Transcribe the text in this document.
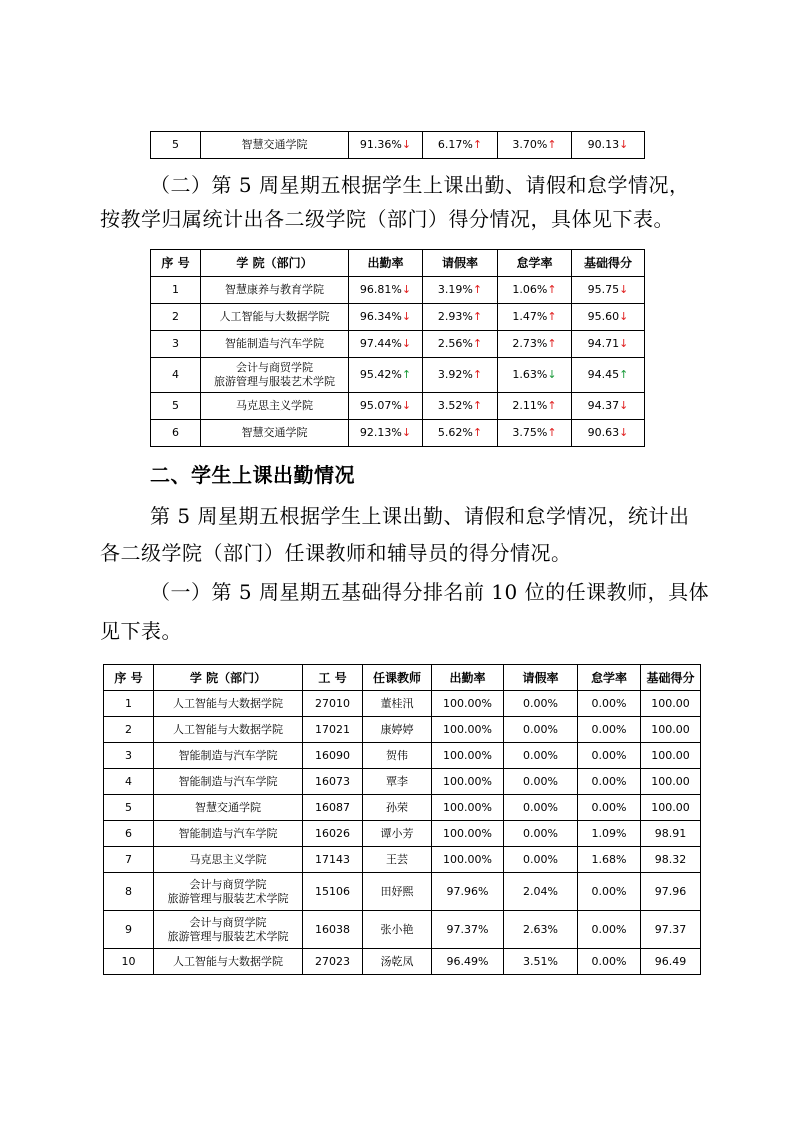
5	智慧交通学院	91.36%↓	6.17%↑	3.70%↑	90.13↓
（二）第 5 周星期五根据学生上课出勤、请假和怠学情况，
按教学归属统计出各二级学院（部门）得分情况，具体见下表。
序 号	学 院（部门）	出勤率	请假率	怠学率	基础得分
1	智慧康养与教育学院	96.81%↓	3.19%↑	1.06%↑	95.75↓
2	人工智能与大数据学院	96.34%↓	2.93%↑	1.47%↑	95.60↓
3	智能制造与汽车学院	97.44%↓	2.56%↑	2.73%↑	94.71↓
4	会计与商贸学院
旅游管理与服装艺术学院	95.42%↑	3.92%↑	1.63%↓	94.45↑
5	马克思主义学院	95.07%↓	3.52%↑	2.11%↑	94.37↓
6	智慧交通学院	92.13%↓	5.62%↑	3.75%↑	90.63↓
二、学生上课出勤情况
第 5 周星期五根据学生上课出勤、请假和怠学情况，统计出
各二级学院（部门）任课教师和辅导员的得分情况。
（一）第 5 周星期五基础得分排名前 10 位的任课教师，具体
见下表。
序 号	学 院（部门）	工 号	任课教师	出勤率	请假率	怠学率	基础得分
1	人工智能与大数据学院	27010	董桂汛	100.00%	0.00%	0.00%	100.00
2	人工智能与大数据学院	17021	康婷婷	100.00%	0.00%	0.00%	100.00
3	智能制造与汽车学院	16090	贺伟	100.00%	0.00%	0.00%	100.00
4	智能制造与汽车学院	16073	覃李	100.00%	0.00%	0.00%	100.00
5	智慧交通学院	16087	孙荣	100.00%	0.00%	0.00%	100.00
6	智能制造与汽车学院	16026	谭小芳	100.00%	0.00%	1.09%	98.91
7	马克思主义学院	17143	王芸	100.00%	0.00%	1.68%	98.32
8	会计与商贸学院
旅游管理与服装艺术学院	15106	田妤熙	97.96%	2.04%	0.00%	97.96
9	会计与商贸学院
旅游管理与服装艺术学院	16038	张小艳	97.37%	2.63%	0.00%	97.37
10	人工智能与大数据学院	27023	汤乾凤	96.49%	3.51%	0.00%	96.49
